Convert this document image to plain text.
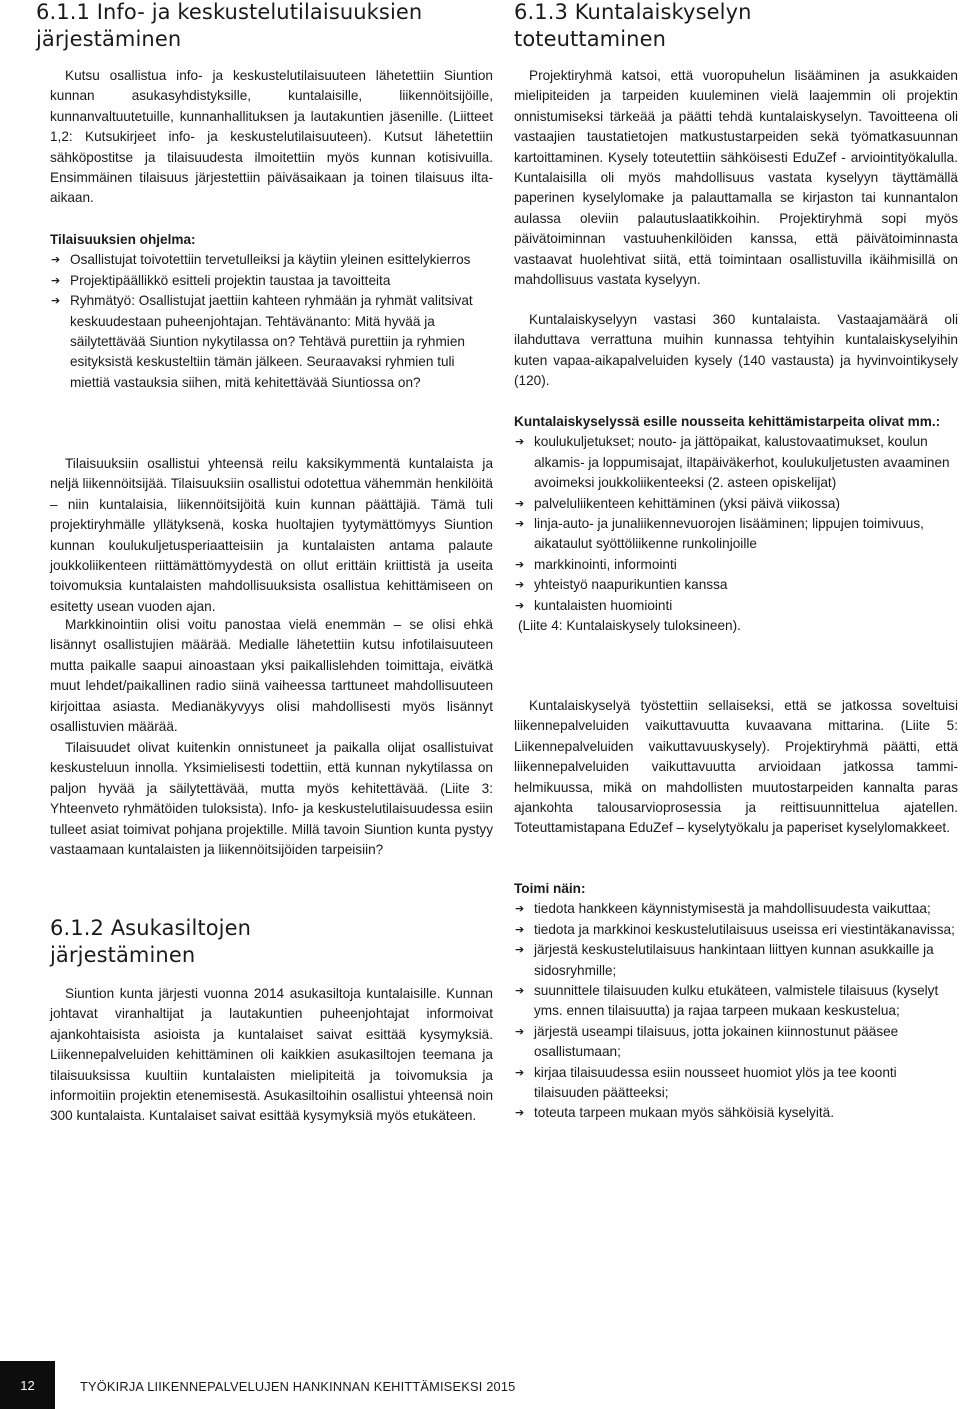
6.1.1 Info- ja keskustelutilaisuuksien
järjestäminen

Kutsu osallistua info- ja keskustelutilaisuuteen lähetettiin Siuntion kunnan asukasyhdistyksille, kuntalaisille, liikennöitsijöille, kunnanvaltuutetuille, kunnanhallituksen ja lautakuntien jäsenille. (Liitteet 1,2: Kutsukirjeet info- ja keskustelutilaisuuteen). Kutsut lähetettiin sähköpostitse ja tilaisuudesta ilmoitettiin myös kunnan kotisivuilla. Ensimmäinen tilaisuus järjestettiin päiväsaikaan ja toinen tilaisuus ilta-aikaan.

Tilaisuuksien ohjelma:

➔ Osallistujat toivotettiin tervetulleiksi ja käytiin yleinen esittelykierros
➔ Projektipäällikkö esitteli projektin taustaa ja tavoitteita
➔ Ryhmätyö: Osallistujat jaettiin kahteen ryhmään ja ryhmät valitsivat keskuudestaan puheenjohtajan. Tehtävänanto: Mitä hyvää ja säilytettävää Siuntion nykytilassa on? Tehtävä purettiin ja ryhmien esityksistä keskusteltiin tämän jälkeen. Seuraavaksi ryhmien tuli miettiä vastauksia siihen, mitä kehitettävää Siuntiossa on?

Tilaisuuksiin osallistui yhteensä reilu kaksikymmentä kuntalaista ja neljä liikennöitsijää. Tilaisuuksiin osallistui odotettua vähemmän henkilöitä – niin kuntalaisia, liikennöitsijöitä kuin kunnan päättäjiä. Tämä tuli projektiryhmälle yllätyksenä, koska huoltajien tyytymättömyys Siuntion kunnan koulukuljetusperiaatteisiin ja kuntalaisten antama palaute joukkoliikenteen riittämättömyydestä on ollut erittäin kriittistä ja useita toivomuksia kuntalaisten mahdollisuuksista osallistua kehittämiseen on esitetty usean vuoden ajan.

Markkinointiin olisi voitu panostaa vielä enemmän – se olisi ehkä lisännyt osallistujien määrää. Medialle lähetettiin kutsu infotilaisuuteen mutta paikalle saapui ainoastaan yksi paikallislehden toimittaja, eivätkä muut lehdet/paikallinen radio siinä vaiheessa tarttuneet mahdollisuuteen kirjoittaa asiasta. Medianäkyvyys olisi mahdollisesti myös lisännyt osallistuvien määrää.

Tilaisuudet olivat kuitenkin onnistuneet ja paikalla olijat osallistuivat keskusteluun innolla. Yksimielisesti todettiin, että kunnan nykytilassa on paljon hyvää ja säilytettävää, mutta myös kehitettävää. (Liite 3: Yhteenveto ryhmätöiden tuloksista). Info- ja keskustelutilaisuudessa esiin tulleet asiat toimivat pohjana projektille. Millä tavoin Siuntion kunta pystyy vastaamaan kuntalaisten ja liikennöitsijöiden tarpeisiin?

6.1.2 Asukasiltojen
järjestäminen

Siuntion kunta järjesti vuonna 2014 asukasiltoja kuntalaisille. Kunnan johtavat viranhaltijat ja lautakuntien puheenjohtajat informoivat ajankohtaisista asioista ja kuntalaiset saivat esittää kysymyksiä. Liikennepalveluiden kehittäminen oli kaikkien asukasiltojen teemana ja tilaisuuksissa kuultiin kuntalaisten mielipiteitä ja toivomuksia ja informoitiin projektin etenemisestä. Asukasiltoihin osallistui yhteensä noin 300 kuntalaista. Kuntalaiset saivat esittää kysymyksiä myös etukäteen.

6.1.3 Kuntalaiskyselyn
toteuttaminen

Projektiryhmä katsoi, että vuoropuhelun lisääminen ja asukkaiden mielipiteiden ja tarpeiden kuuleminen vielä laajemmin oli projektin onnistumiseksi tärkeää ja päätti tehdä kuntalaiskyselyn. Tavoitteena oli vastaajien taustatietojen matkustustarpeiden sekä työmatkasuunnan kartoittaminen. Kysely toteutettiin sähköisesti EduZef - arviointityökalulla. Kuntalaisilla oli myös mahdollisuus vastata kyselyyn täyttämällä paperinen kyselylomake ja palauttamalla se kirjaston tai kunnantalon aulassa oleviin palautuslaatikkoihin. Projektiryhmä sopi myös päivätoiminnan vastuuhenkilöiden kanssa, että päivätoiminnasta vastaavat huolehtivat siitä, että toimintaan osallistuvilla ikäihmisillä on mahdollisuus vastata kyselyyn.

Kuntalaiskyselyyn vastasi 360 kuntalaista. Vastaajamäärä oli ilahduttava verrattuna muihin kunnassa tehtyihin kuntalaiskyselyihin kuten vapaa-aikapalveluiden kysely (140 vastausta) ja hyvinvointikysely (120).

Kuntalaiskyselyssä esille nousseita kehittämistarpeita olivat mm.:

➔ koulukuljetukset; nouto- ja jättöpaikat, kalustovaatimukset, koulun alkamis- ja loppumisajat, iltapäiväkerhot, koulukuljetusten avaaminen avoimeksi joukkoliikenteeksi (2. asteen opiskelijat)
➔ palveluliikenteen kehittäminen (yksi päivä viikossa)
➔ linja-auto- ja junaliikennevuorojen lisääminen; lippujen toimivuus, aikataulut syöttöliikenne runkolinjoille
➔ markkinointi, informointi
➔ yhteistyö naapurikuntien kanssa
➔ kuntalaisten huomiointi

(Liite 4: Kuntalaiskysely tuloksineen).

Kuntalaiskyselyä työstettiin sellaiseksi, että se jatkossa soveltuisi liikennepalveluiden vaikuttavuutta kuvaavana mittarina. (Liite 5: Liikennepalveluiden vaikuttavuuskysely). Projektiryhmä päätti, että liikennepalveluiden vaikuttavuutta arvioidaan jatkossa tammi-helmikuussa, mikä on mahdollisten muutostarpeiden kannalta paras ajankohta talousarvioprosessia ja reittisuunnittelua ajatellen. Toteuttamistapana EduZef – kyselytyökalu ja paperiset kyselylomakkeet.

Toimi näin:

➔ tiedota hankkeen käynnistymisestä ja mahdollisuudesta vaikuttaa;
➔ tiedota ja markkinoi keskustelutilaisuus useissa eri viestintäkanavissa;
➔ järjestä keskustelutilaisuus hankintaan liittyen kunnan asukkaille ja sidosryhmille;
➔ suunnittele tilaisuuden kulku etukäteen, valmistele tilaisuus (kyselyt yms. ennen tilaisuutta) ja rajaa tarpeen mukaan keskustelua;
➔ järjestä useampi tilaisuus, jotta jokainen kiinnostunut pääsee osallistumaan;
➔ kirjaa tilaisuudessa esiin nousseet huomiot ylös ja tee koonti tilaisuuden päätteeksi;
➔ toteuta tarpeen mukaan myös sähköisiä kyselyitä.
12	TYÖKIRJA LIIKENNEPALVELUJEN HANKINNAN KEHITTÄMISEKSI 2015
